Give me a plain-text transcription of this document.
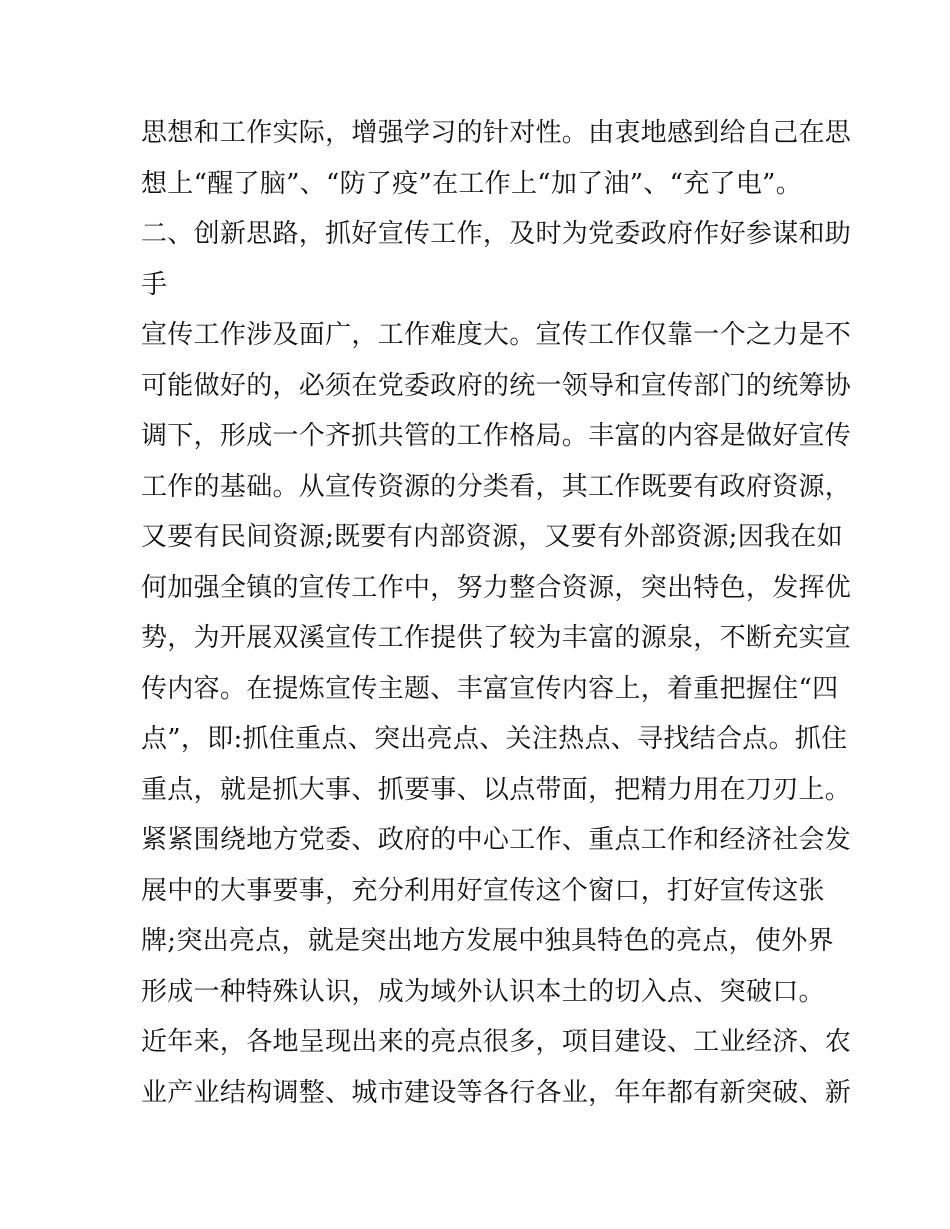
思想和工作实际，增强学习的针对性。由衷地感到给自己在思
想上“醒了脑”、“防了疫”在工作上“加了油”、“充了电”。
二、创新思路，抓好宣传工作，及时为党委政府作好参谋和助
手
宣传工作涉及面广，工作难度大。宣传工作仅靠一个之力是不
可能做好的，必须在党委政府的统一领导和宣传部门的统筹协
调下，形成一个齐抓共管的工作格局。丰富的内容是做好宣传
工作的基础。从宣传资源的分类看，其工作既要有政府资源，
又要有民间资源;既要有内部资源，又要有外部资源;因我在如
何加强全镇的宣传工作中，努力整合资源，突出特色，发挥优
势，为开展双溪宣传工作提供了较为丰富的源泉，不断充实宣
传内容。在提炼宣传主题、丰富宣传内容上，着重把握住“四
点”，即:抓住重点、突出亮点、关注热点、寻找结合点。抓住
重点，就是抓大事、抓要事、以点带面，把精力用在刀刃上。
紧紧围绕地方党委、政府的中心工作、重点工作和经济社会发
展中的大事要事，充分利用好宣传这个窗口，打好宣传这张
牌;突出亮点，就是突出地方发展中独具特色的亮点，使外界
形成一种特殊认识，成为域外认识本土的切入点、突破口。
近年来，各地呈现出来的亮点很多，项目建设、工业经济、农
业产业结构调整、城市建设等各行各业，年年都有新突破、新
